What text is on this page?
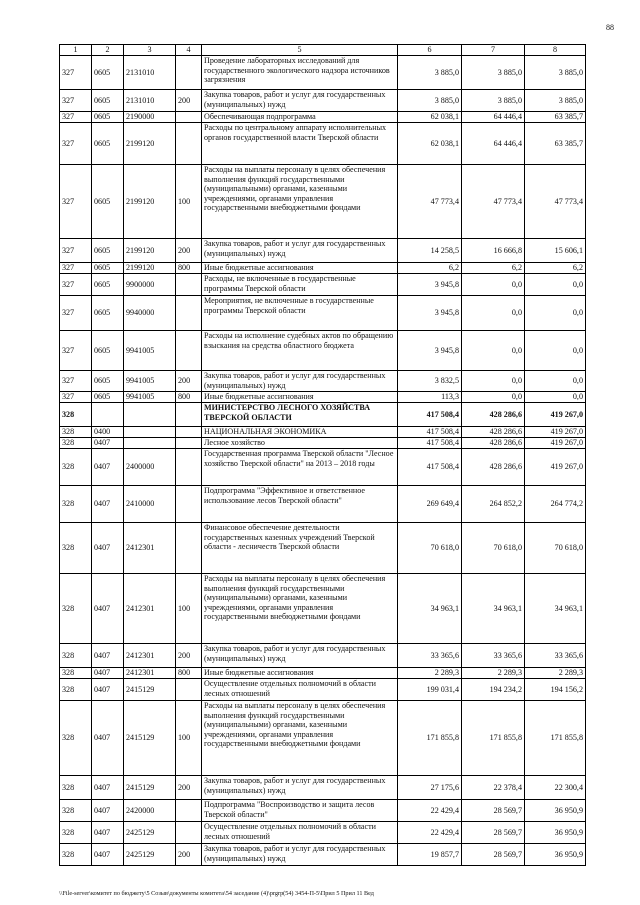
88
1	2	3	4	5	6	7	8
327	0605	2131010		Проведение лабораторных исследований для государственного экологического надзора источников загрязнения	3 885,0	3 885,0	3 885,0
327	0605	2131010	200	Закупка товаров, работ и услуг для государственных (муниципальных) нужд	3 885,0	3 885,0	3 885,0
327	0605	2190000		Обеспечивающая подпрограмма	62 038,1	64 446,4	63 385,7
327	0605	2199120		Расходы по центральному аппарату исполнительных органов государственной власти Тверской области	62 038,1	64 446,4	63 385,7
327	0605	2199120	100	Расходы на выплаты персоналу в целях обеспечения выполнения функций государственными (муниципальными) органами, казенными учреждениями, органами управления государственными внебюджетными фондами	47 773,4	47 773,4	47 773,4
327	0605	2199120	200	Закупка товаров, работ и услуг для государственных (муниципальных) нужд	14 258,5	16 666,8	15 606,1
327	0605	2199120	800	Иные бюджетные ассигнования	6,2	6,2	6,2
327	0605	9900000		Расходы, не включенные в государственные программы Тверской области	3 945,8	0,0	0,0
327	0605	9940000		Мероприятия, не включенные в государственные программы Тверской области	3 945,8	0,0	0,0
327	0605	9941005		Расходы на исполнение судебных актов по обращению взыскания на средства областного бюджета	3 945,8	0,0	0,0
327	0605	9941005	200	Закупка товаров, работ и услуг для государственных (муниципальных) нужд	3 832,5	0,0	0,0
327	0605	9941005	800	Иные бюджетные ассигнования	113,3	0,0	0,0
328				МИНИСТЕРСТВО ЛЕСНОГО ХОЗЯЙСТВА ТВЕРСКОЙ ОБЛАСТИ	417 508,4	428 286,6	419 267,0
328	0400			НАЦИОНАЛЬНАЯ ЭКОНОМИКА	417 508,4	428 286,6	419 267,0
328	0407			Лесное хозяйство	417 508,4	428 286,6	419 267,0
328	0407	2400000		Государственная программа Тверской области "Лесное хозяйство Тверской области" на 2013 – 2018 годы	417 508,4	428 286,6	419 267,0
328	0407	2410000		Подпрограмма "Эффективное и ответственное использование лесов Тверской области"	269 649,4	264 852,2	264 774,2
328	0407	2412301		Финансовое обеспечение деятельности государственных казенных учреждений Тверской области - лесничеств Тверской области	70 618,0	70 618,0	70 618,0
328	0407	2412301	100	Расходы на выплаты персоналу в целях обеспечения выполнения функций государственными (муниципальными) органами, казенными учреждениями, органами управления государственными внебюджетными фондами	34 963,1	34 963,1	34 963,1
328	0407	2412301	200	Закупка товаров, работ и услуг для государственных (муниципальных) нужд	33 365,6	33 365,6	33 365,6
328	0407	2412301	800	Иные бюджетные ассигнования	2 289,3	2 289,3	2 289,3
328	0407	2415129		Осуществление отдельных полномочий в области лесных отношений	199 031,4	194 234,2	194 156,2
328	0407	2415129	100	Расходы на выплаты персоналу в целях обеспечения выполнения функций государственными (муниципальными) органами, казенными учреждениями, органами управления государственными внебюджетными фондами	171 855,8	171 855,8	171 855,8
328	0407	2415129	200	Закупка товаров, работ и услуг для государственных (муниципальных) нужд	27 175,6	22 378,4	22 300,4
328	0407	2420000		Подпрограмма "Воспроизводство и защита лесов Тверской области"	22 429,4	28 569,7	36 950,9
328	0407	2425129		Осуществление отдельных полномочий в области лесных отношений	22 429,4	28 569,7	36 950,9
328	0407	2425129	200	Закупка товаров, работ и услуг для государственных (муниципальных) нужд	19 857,7	28 569,7	36 950,9
\\File-server\комитет по бюджету\5 Созыв\документы комитета\54 заседание (4)\prgrp(54) 3454-П-5\Прил 5 Прил 11 Вед
